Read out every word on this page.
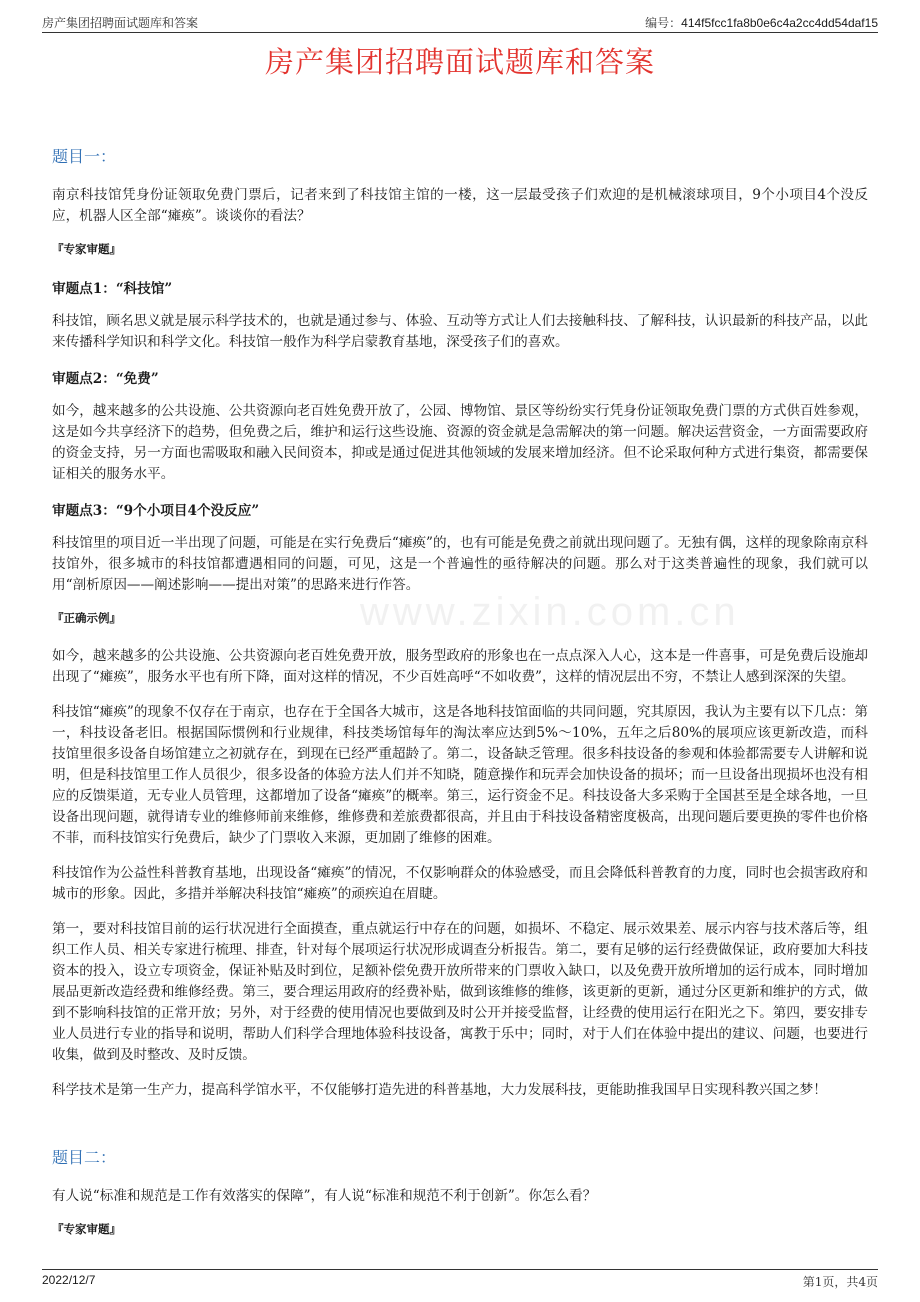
房产集团招聘面试题库和答案	编号：414f5fcc1fa8b0e6c4a2cc4dd54daf15
房产集团招聘面试题库和答案
www.zixin.com.cn
题目一：

南京科技馆凭身份证领取免费门票后，记者来到了科技馆主馆的一楼，这一层最受孩子们欢迎的是机械滚球项目，9个小项目4个没反应，机器人区全部“瘫痪”。谈谈你的看法？

『专家审题』
审题点1：“科技馆”

科技馆，顾名思义就是展示科学技术的，也就是通过参与、体验、互动等方式让人们去接触科技、了解科技，认识最新的科技产品，以此来传播科学知识和科学文化。科技馆一般作为科学启蒙教育基地，深受孩子们的喜欢。

审题点2：“免费”

如今，越来越多的公共设施、公共资源向老百姓免费开放了，公园、博物馆、景区等纷纷实行凭身份证领取免费门票的方式供百姓参观，这是如今共享经济下的趋势，但免费之后，维护和运行这些设施、资源的资金就是急需解决的第一问题。解决运营资金，一方面需要政府的资金支持，另一方面也需吸取和融入民间资本，抑或是通过促进其他领域的发展来增加经济。但不论采取何种方式进行集资，都需要保证相关的服务水平。

审题点3：“9个小项目4个没反应”

科技馆里的项目近一半出现了问题，可能是在实行免费后“瘫痪”的，也有可能是免费之前就出现问题了。无独有偶，这样的现象除南京科技馆外，很多城市的科技馆都遭遇相同的问题，可见，这是一个普遍性的亟待解决的问题。那么对于这类普遍性的现象，我们就可以用“剖析原因——阐述影响——提出对策”的思路来进行作答。

『正确示例』

如今，越来越多的公共设施、公共资源向老百姓免费开放，服务型政府的形象也在一点点深入人心，这本是一件喜事，可是免费后设施却出现了“瘫痪”，服务水平也有所下降，面对这样的情况，不少百姓高呼“不如收费”，这样的情况层出不穷，不禁让人感到深深的失望。

科技馆“瘫痪”的现象不仅存在于南京，也存在于全国各大城市，这是各地科技馆面临的共同问题，究其原因，我认为主要有以下几点：第一，科技设备老旧。根据国际惯例和行业规律，科技类场馆每年的淘汰率应达到5%～10%，五年之后80%的展项应该更新改造，而科技馆里很多设备自场馆建立之初就存在，到现在已经严重超龄了。第二，设备缺乏管理。很多科技设备的参观和体验都需要专人讲解和说明，但是科技馆里工作人员很少，很多设备的体验方法人们并不知晓，随意操作和玩弄会加快设备的损坏；而一旦设备出现损坏也没有相应的反馈渠道，无专业人员管理，这都增加了设备“瘫痪”的概率。第三，运行资金不足。科技设备大多采购于全国甚至是全球各地，一旦设备出现问题，就得请专业的维修师前来维修，维修费和差旅费都很高，并且由于科技设备精密度极高，出现问题后要更换的零件也价格不菲，而科技馆实行免费后，缺少了门票收入来源，更加剧了维修的困难。

科技馆作为公益性科普教育基地，出现设备“瘫痪”的情况，不仅影响群众的体验感受，而且会降低科普教育的力度，同时也会损害政府和城市的形象。因此，多措并举解决科技馆“瘫痪”的顽疾迫在眉睫。

第一，要对科技馆目前的运行状况进行全面摸查，重点就运行中存在的问题，如损坏、不稳定、展示效果差、展示内容与技术落后等，组织工作人员、相关专家进行梳理、排查，针对每个展项运行状况形成调查分析报告。第二，要有足够的运行经费做保证，政府要加大科技资本的投入，设立专项资金，保证补贴及时到位，足额补偿免费开放所带来的门票收入缺口，以及免费开放所增加的运行成本，同时增加展品更新改造经费和维修经费。第三，要合理运用政府的经费补贴，做到该维修的维修，该更新的更新，通过分区更新和维护的方式，做到不影响科技馆的正常开放；另外，对于经费的使用情况也要做到及时公开并接受监督，让经费的使用运行在阳光之下。第四，要安排专业人员进行专业的指导和说明，帮助人们科学合理地体验科技设备，寓教于乐中；同时，对于人们在体验中提出的建议、问题，也要进行收集，做到及时整改、及时反馈。

科学技术是第一生产力，提高科学馆水平，不仅能够打造先进的科普基地，大力发展科技，更能助推我国早日实现科教兴国之梦！

题目二：

有人说“标准和规范是工作有效落实的保障”，有人说“标准和规范不利于创新”。你怎么看？

『专家审题』
2022/12/7	第1页，共4页
